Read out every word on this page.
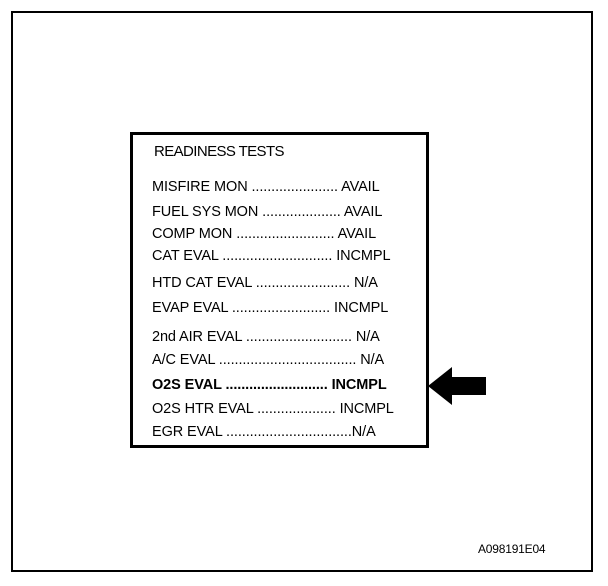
READINESS TESTS
MISFIRE MON ...................... AVAIL
FUEL SYS MON .................... AVAIL
COMP MON ......................... AVAIL
CAT EVAL ............................ INCMPL
HTD CAT EVAL ........................ N/A
EVAP EVAL ......................... INCMPL
2nd AIR EVAL ........................... N/A
A/C EVAL ................................... N/A
O2S EVAL .......................... INCMPL
O2S HTR EVAL .................... INCMPL
EGR EVAL ................................N/A
A098191E04
